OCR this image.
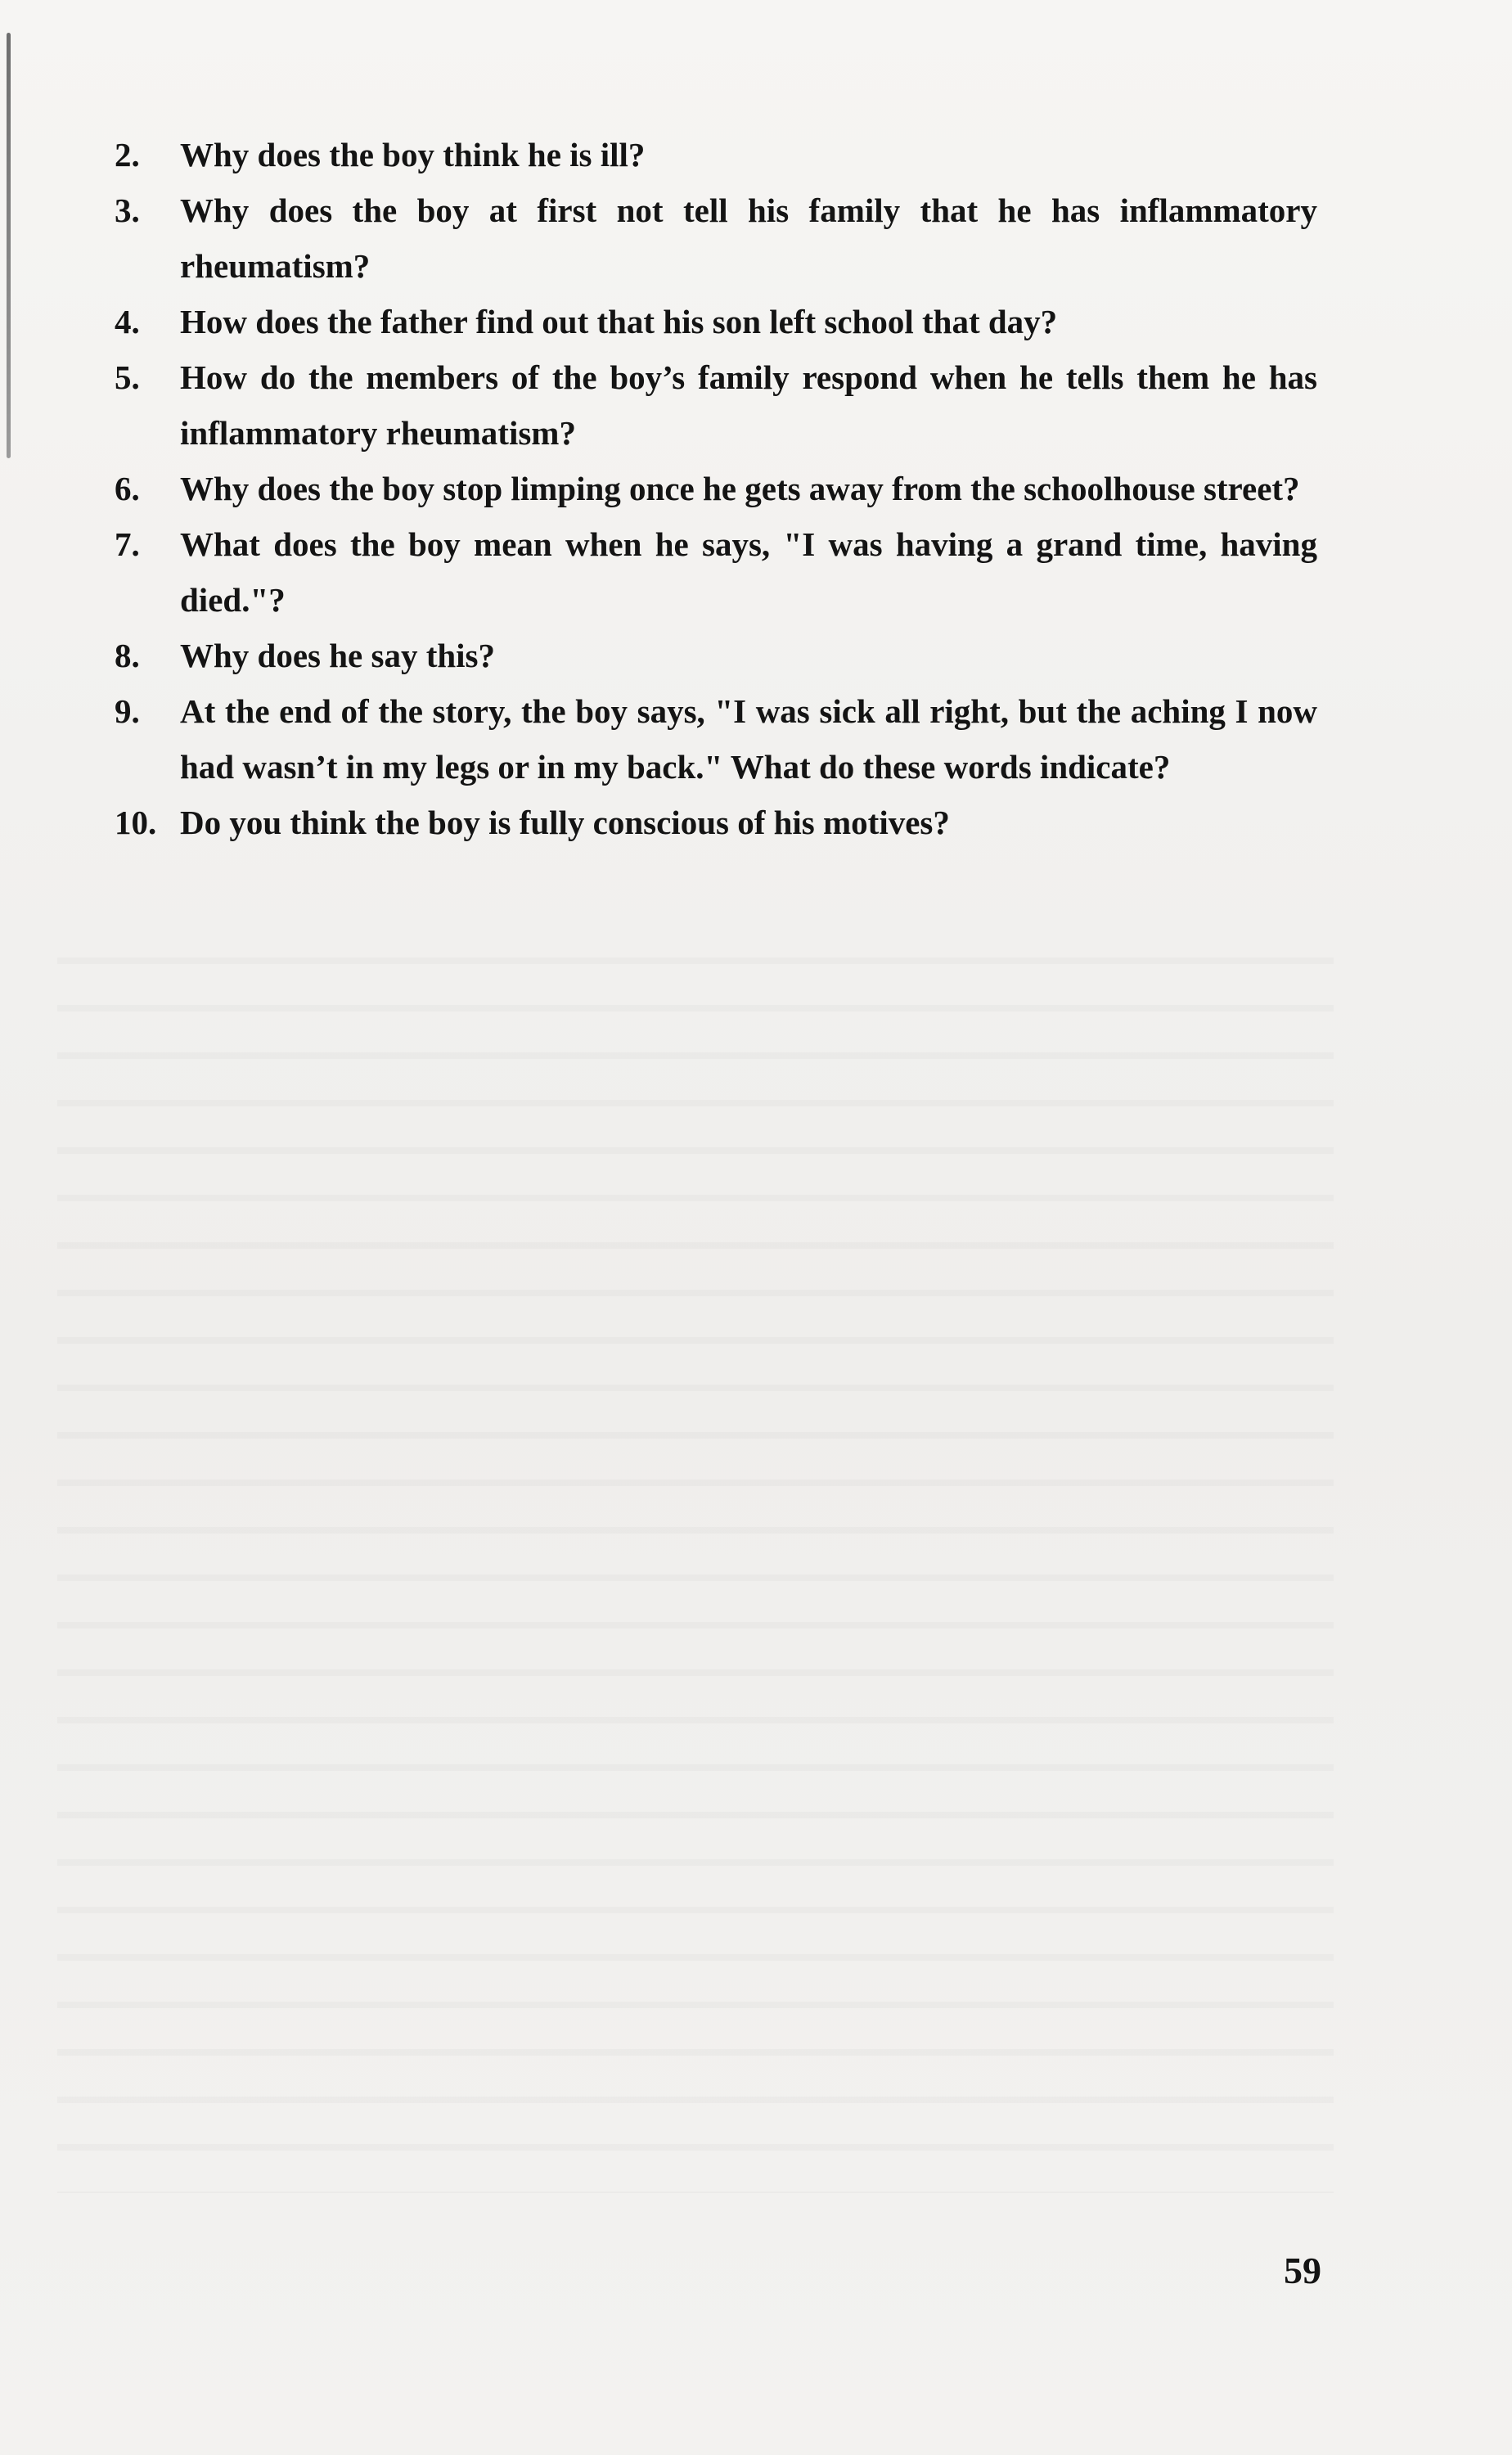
2.	Why does the boy think he is ill?
3.	Why does the boy at first not tell his family that he has inflammatory rheumatism?
4.	How does the father find out that his son left school that day?
5.	How do the members of the boy’s family respond when he tells them he has inflammatory rheumatism?
6.	Why does the boy stop limping once he gets away from the schoolhouse street?
7.	What does the boy mean when he says, "I was having a grand time, having died."?
8.	Why does he say this?
9.	At the end of the story, the boy says, "I was sick all right, but the aching I now had wasn’t in my legs or in my back." What do these words indicate?
10. Do you think the boy is fully conscious of his motives?
59
